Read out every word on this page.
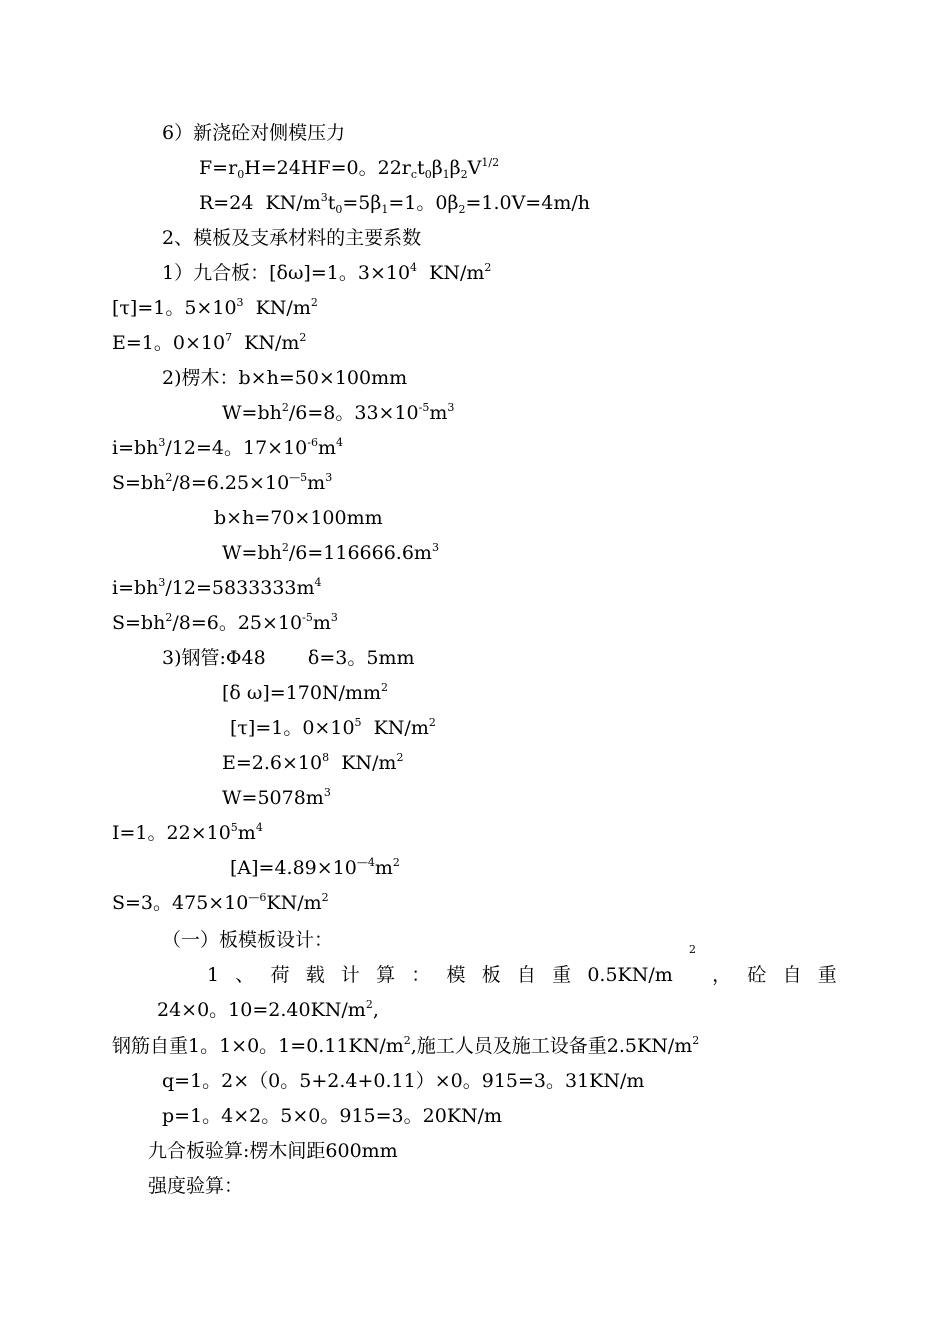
6）新浇砼对侧模压力
$F=r_0H=24HF=0$。$22r_ct_0\beta_1\beta_2V^{1/2}$
R=24  $KN/m^3t_0=5\beta_1=1$。$0\beta_2=1.0V=4m/h$
2、模板及支承材料的主要系数
1）九合板：[δω]=1。$3\times 10^4$  $KN/m^2$
[τ]=1。$5\times 10^3$  $KN/m^2$
E=1。$0\times 10^7$  $KN/m^2$
2)楞木：b×h=50×100mm
$W=bh^2/6=8$。$33\times 10^{-5}m^3$
$i=bh^3/12=4$。$17\times 10^{-6}m^4$
$S=bh^2/8=6.25\times 10^{—5}m^3$
b×h=70×100mm
$W=bh^2/6=116666.6m^3$
$i=bh^3/12=5833333m^4$
$S=bh^2/8=6$。$25\times 10^{-5}m^3$
3)钢管:Φ48       δ=3。5mm
[δ $\omega]=170N/mm^2$
[τ]=1。$0\times 10^5$  $KN/m^2$
$E=2.6\times 10^8$  $KN/m^2$
$W=5078m^3$
I=1。$22\times 10^5m^4$
$[A]=4.89\times 10^{—4}m^2$
S=3。$475\times 10^{—6}KN/m^2$
（一）板模板设计：
1 、 荷 载 计 算 ： 模 板 自 重 0.5KN/m
2
， 砼 自 重
24×0。$10=2.40KN/m^2$,
钢筋自重1。1×0。$1=0.11KN/m^2$,施工人员及施工设备重$2.5KN/m^2$
q=1。2×（0。5+2.4+0.11）×0。915=3。31KN/m
p=1。4×2。5×0。915=3。20KN/m
九合板验算:楞木间距600mm
强度验算：
